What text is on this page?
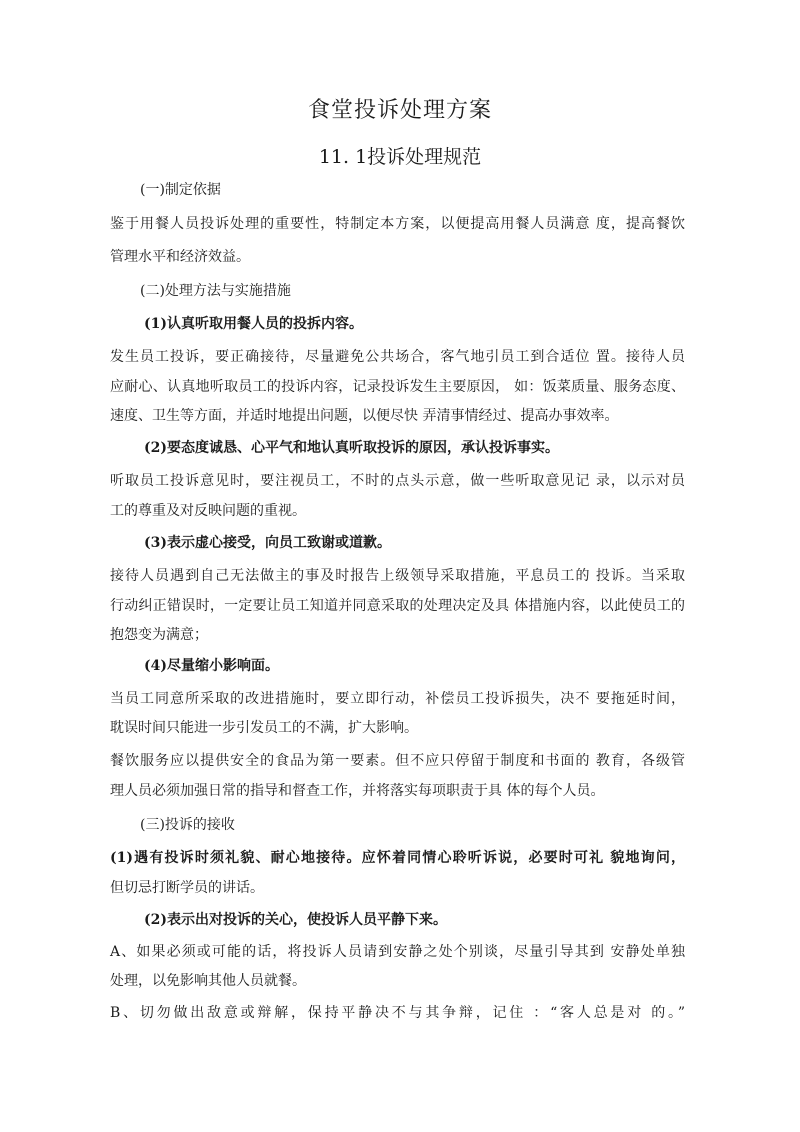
食堂投诉处理方案
11. 1投诉处理规范
(一)制定依据
鉴于用餐人员投诉处理的重要性，特制定本方案，以便提高用餐人员满意 度，提高餐饮
管理水平和经济效益。
(二)处理方法与实施措施
(1)认真听取用餐人员的投拆内容。
发生员工投诉，要正确接待，尽量避免公共场合，客气地引员工到合适位 置。接待人员
应耐心、认真地听取员工的投诉内容，记录投诉发生主要原因， 如：饭菜质量、服务态度、
速度、卫生等方面，并适时地提出问题，以便尽快 弄清事情经过、提高办事效率。
(2)要态度诚恳、心平气和地认真听取投诉的原因，承认投诉事实。
听取员工投诉意见时，要注视员工，不时的点头示意，做一些听取意见记 录，以示对员
工的尊重及对反映问题的重视。
(3)表示虚心接受，向员工致谢或道歉。
接待人员遇到自己无法做主的事及时报告上级领导采取措施，平息员工的 投诉。当采取
行动纠正错误时，一定要让员工知道并同意采取的处理决定及具 体措施内容，以此使员工的
抱怨变为满意；
(4)尽量缩小影响面。
当员工同意所采取的改进措施时，要立即行动，补偿员工投诉损失，决不 要拖延时间，
耽误时间只能进一步引发员工的不满，扩大影响。
餐饮服务应以提供安全的食品为第一要素。但不应只停留于制度和书面的 教育，各级管
理人员必须加强日常的指导和督查工作，并将落实每项职责于具 体的每个人员。
(三)投诉的接收
(1)遇有投诉时须礼貌、耐心地接待。应怀着同情心聆听诉说，必要时可礼 貌地询问，
但切忌打断学员的讲话。
(2)表示出对投诉的关心，使投诉人员平静下来。
A、如果必须或可能的话，将投诉人员请到安静之处个别谈，尽量引导其到 安静处单独
处理，以免影响其他人员就餐。
B、切勿做出敌意或辩解，保持平静决不与其争辩，记住 ：“客人总是对 的。”
